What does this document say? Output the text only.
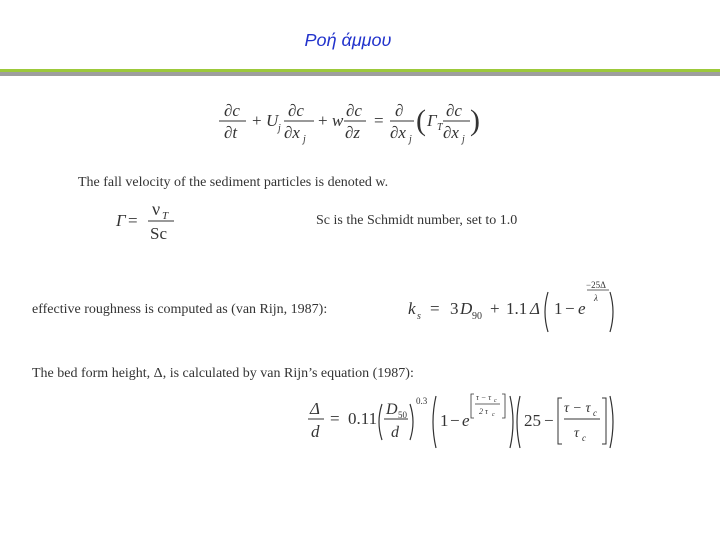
Ροή άμμου
∂c
∂t
+ U j
∂c
∂x j
+ w
∂c
∂z
=
∂
∂x j
( Γ T
∂c
∂x j
)
The fall velocity of the sediment particles is denoted w.
Γ =
ν T
Sc
Sc is the Schmidt number, set to 1.0
effective roughness is computed as (van Rijn, 1987):	k s = 3 D 90 + 1.1 Δ 1 − e
−25Δ
λ
The bed form height, Δ, is calculated by van Rijn’s equation (1987):
Δ
d
= 0.11 D 50
d
0.3
1 − e
τ − τ c
2 τ c 25 −
τ − τ c
τ c
